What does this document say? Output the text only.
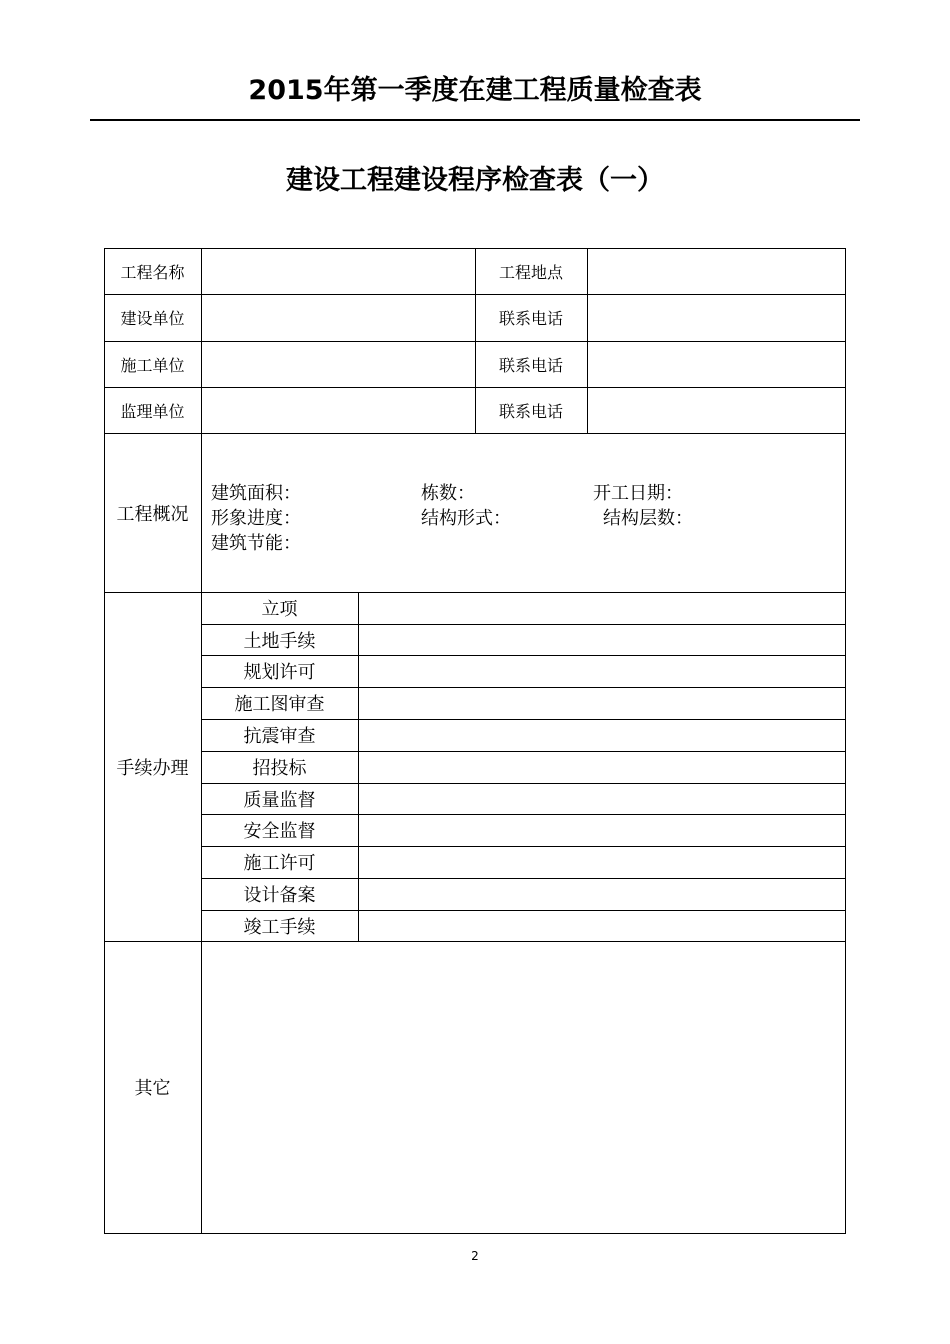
2015年第一季度在建工程质量检查表
建设工程建设程序检查表（一）
工程名称	工程地点
建设单位	联系电话
施工单位	联系电话
监理单位	联系电话
工程概况
建筑面积：	栋数：	开工日期：
形象进度：	结构形式：	结构层数：
建筑节能：
手续办理
立项
土地手续
规划许可
施工图审查
抗震审查
招投标
质量监督
安全监督
施工许可
设计备案
竣工手续
其它
2
